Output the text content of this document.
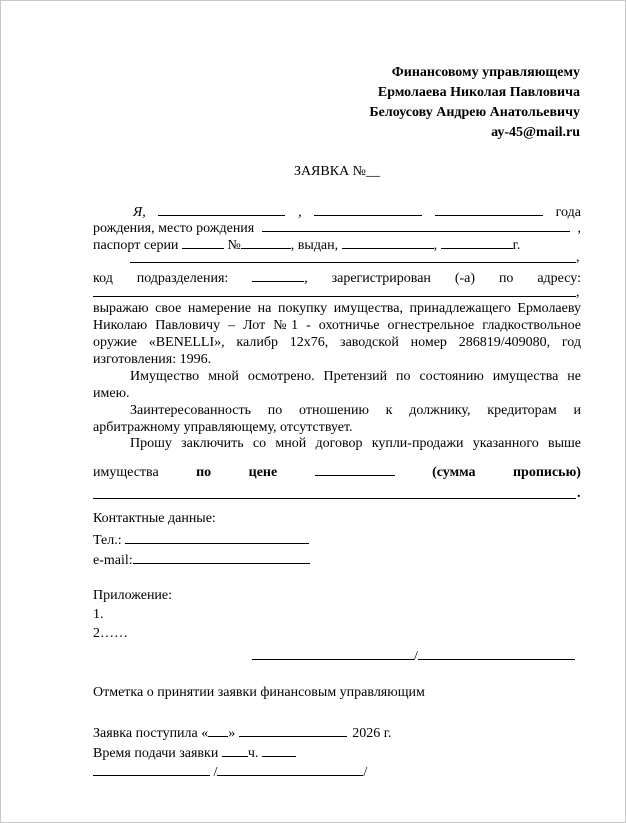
Финансовому управляющему
Ермолаева Николая Павловича
Белоусову Андрею Анатольевичу
ау-45@mail.ru
ЗАЯВКА №__
Я,	,	года
рождения, место рождения	,
паспорт серии	№	, выдан,	,	г.
,
код подразделения:	, зарегистрирован (-а) по адресу:
,
выражаю свое намерение на покупку имущества, принадлежащего Ермолаеву
Николаю Павловичу – Лот №1 - охотничье огнестрельное гладкоствольное
оружие «BENELLI», калибр 12х76, заводской номер 286819/409080, год
изготовления: 1996.
Имущество мной осмотрено. Претензий по состоянию имущества не
имею.
Заинтересованность по отношению к должнику, кредиторам и
арбитражному управляющему, отсутствует.
Прошу заключить со мной договор купли-продажи указанного выше
имущества	по	цене	(сумма	прописью)
.
Контактные данные:
Тел.:
e-mail:
Приложение:
1.
2……
/
Отметка о принятии заявки финансовым управляющим
Заявка поступила « »	2026 г.
Время подачи заявки ч.
/	/
